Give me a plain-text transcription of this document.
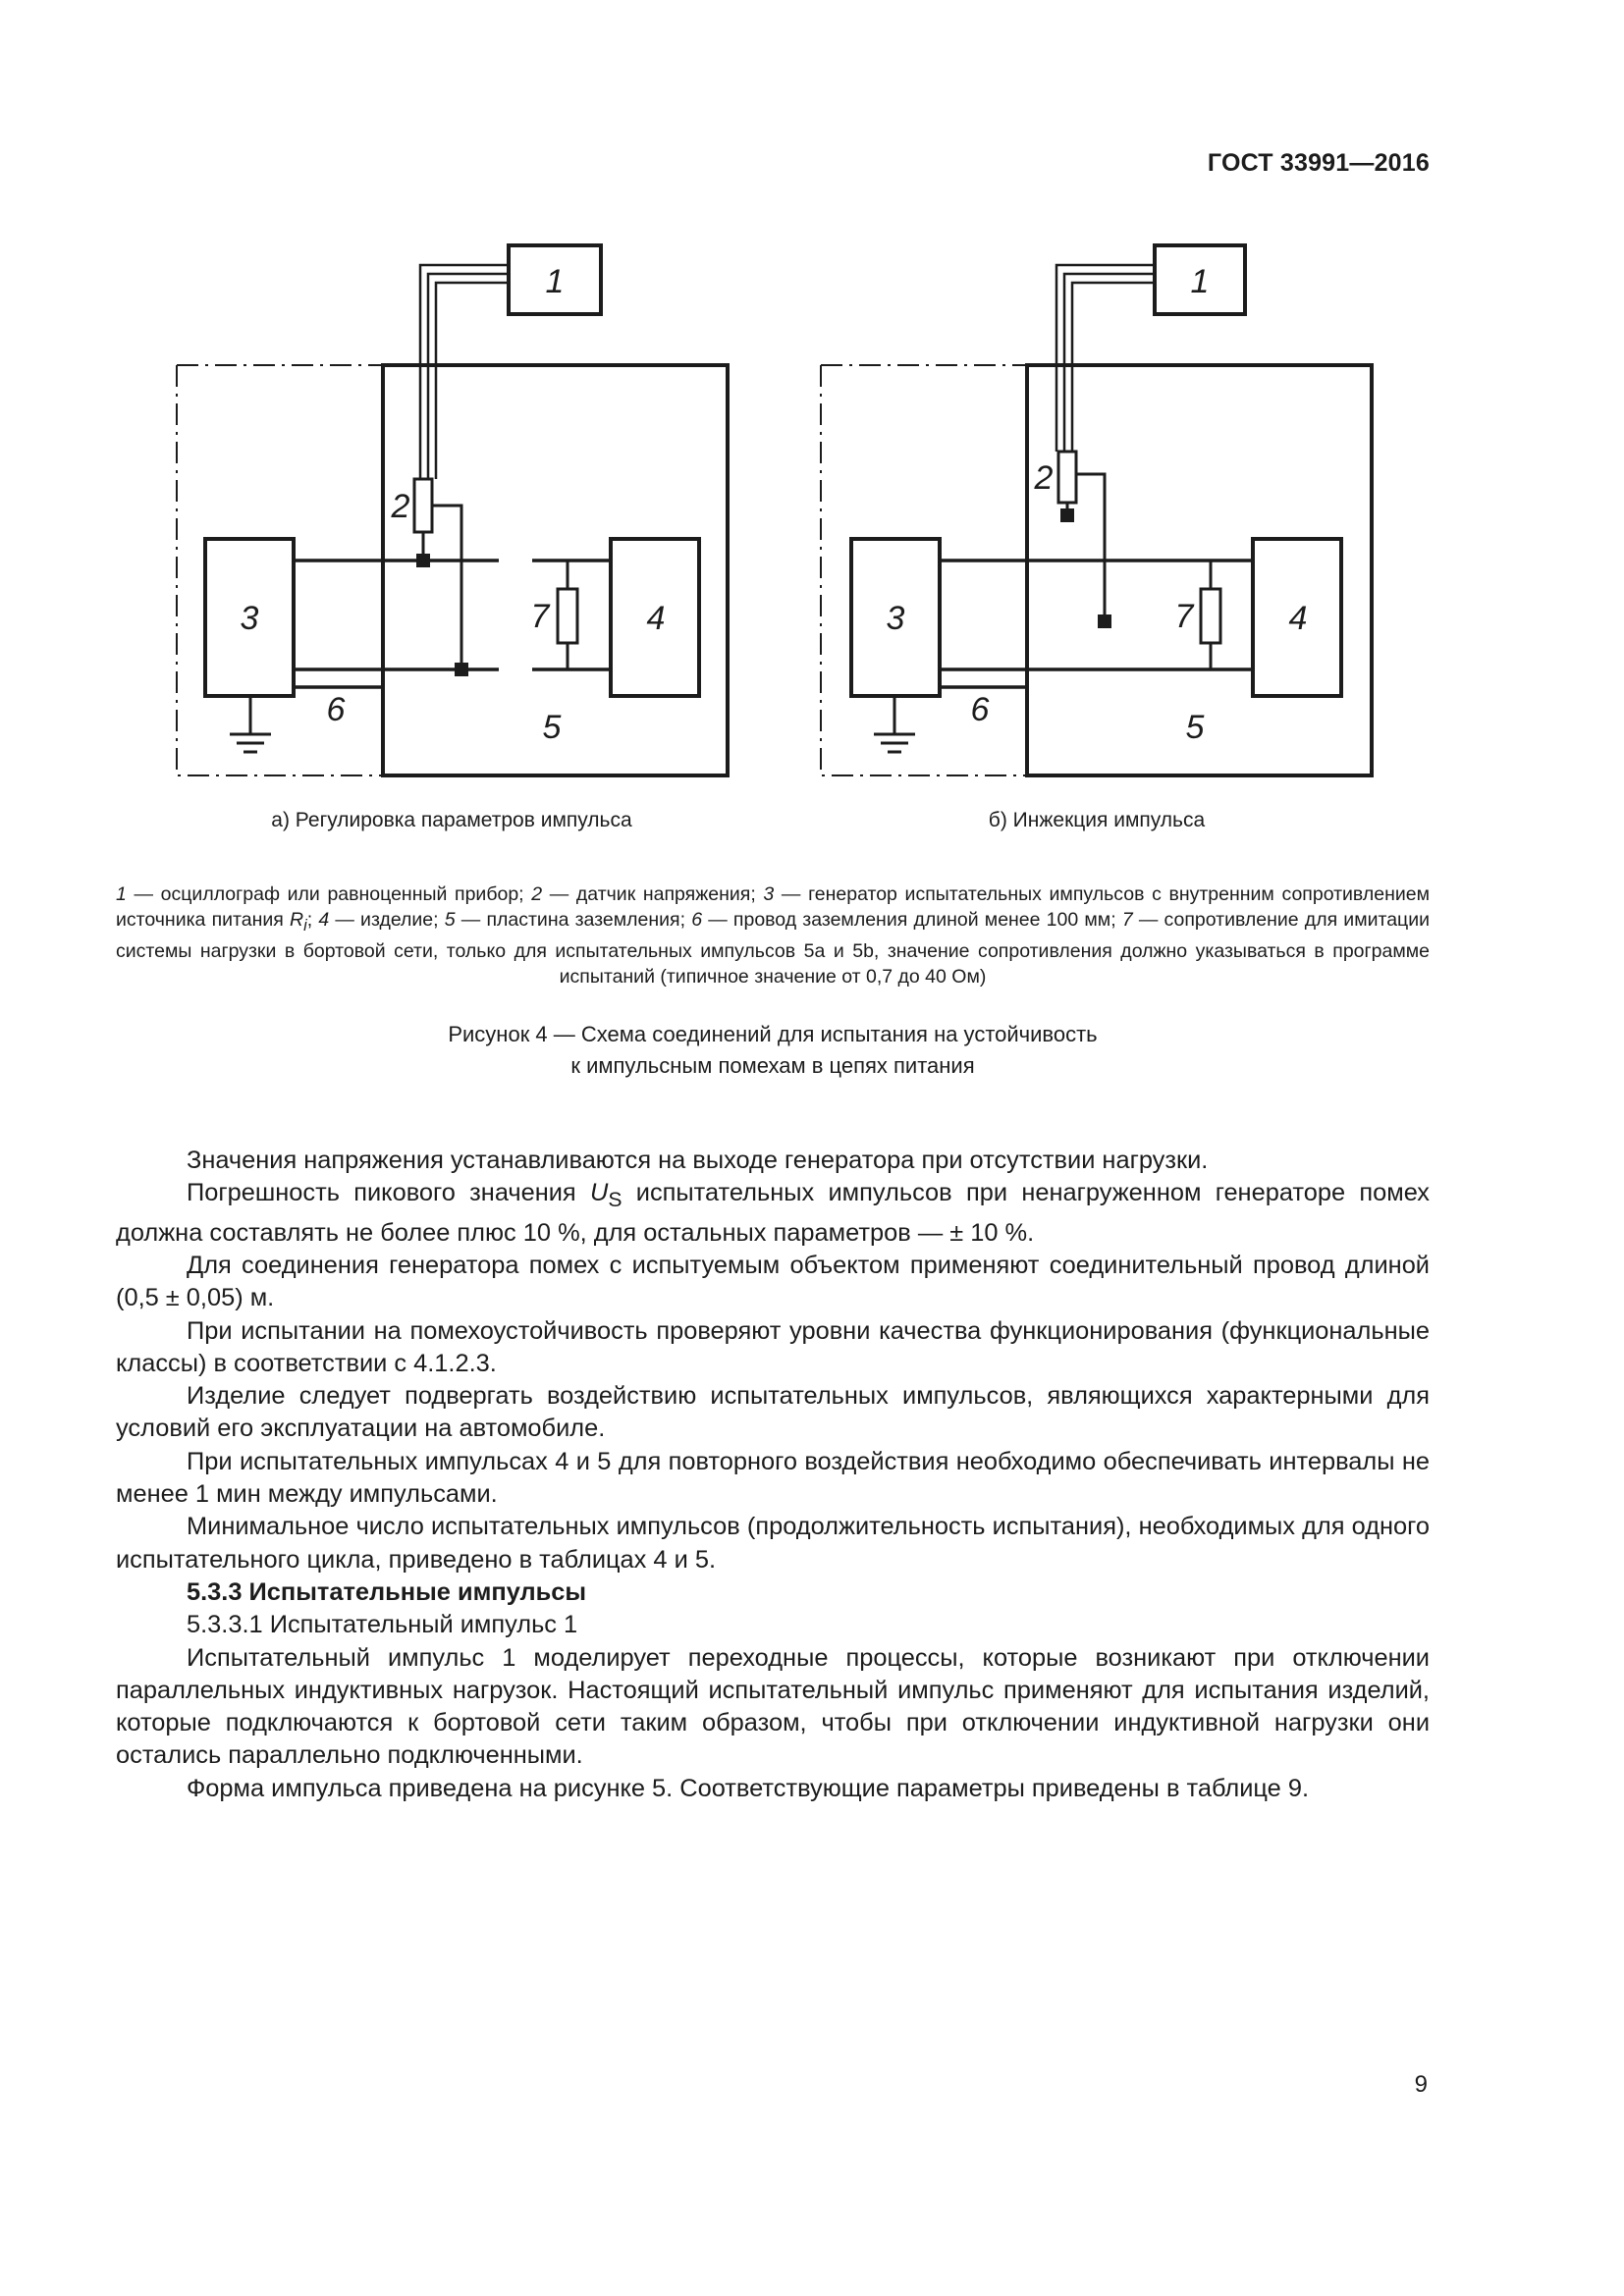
ГОСТ 33991—2016
1
2
3	4
7
6	5
а) Регулировка параметров импульса
1
2
3	4
7
6	5
б) Инжекция импульса
1 — осциллограф или равноценный прибор; 2 — датчик напряжения; 3 — генератор испытательных импульсов с внутренним сопротивлением источника питания $R_i$; 4 — изделие; 5 — пластина заземления; 6 — провод заземления длиной менее 100 мм; 7 — сопротивление для имитации системы нагрузки в бортовой сети, только для испытательных импульсов 5а и 5b, значение сопротивления должно указываться в программе испытаний (типичное значение от 0,7 до 40 Ом)
Рисунок 4 — Схема соединений для испытания на устойчивость
к импульсным помехам в цепях питания

Значения напряжения устанавливаются на выходе генератора при отсутствии нагрузки.

Погрешность пикового значения $U_S$ испытательных импульсов при ненагруженном генераторе помех должна составлять не более плюс 10 %, для остальных параметров — ± 10 %.

Для соединения генератора помех с испытуемым объектом применяют соединительный провод длиной (0,5 ± 0,05) м.

При испытании на помехоустойчивость проверяют уровни качества функционирования (функциональные классы) в соответствии с 4.1.2.3.

Изделие следует подвергать воздействию испытательных импульсов, являющихся характерными для условий его эксплуатации на автомобиле.

При испытательных импульсах 4 и 5 для повторного воздействия необходимо обеспечивать интервалы не менее 1 мин между импульсами.

Минимальное число испытательных импульсов (продолжительность испытания), необходимых для одного испытательного цикла, приведено в таблицах 4 и 5.

5.3.3 Испытательные импульсы

5.3.3.1 Испытательный импульс 1

Испытательный импульс 1 моделирует переходные процессы, которые возникают при отключении параллельных индуктивных нагрузок. Настоящий испытательный импульс применяют для испытания изделий, которые подключаются к бортовой сети таким образом, чтобы при отключении индуктивной нагрузки они остались параллельно подключенными.

Форма импульса приведена на рисунке 5. Соответствующие параметры приведены в таблице 9.

9
